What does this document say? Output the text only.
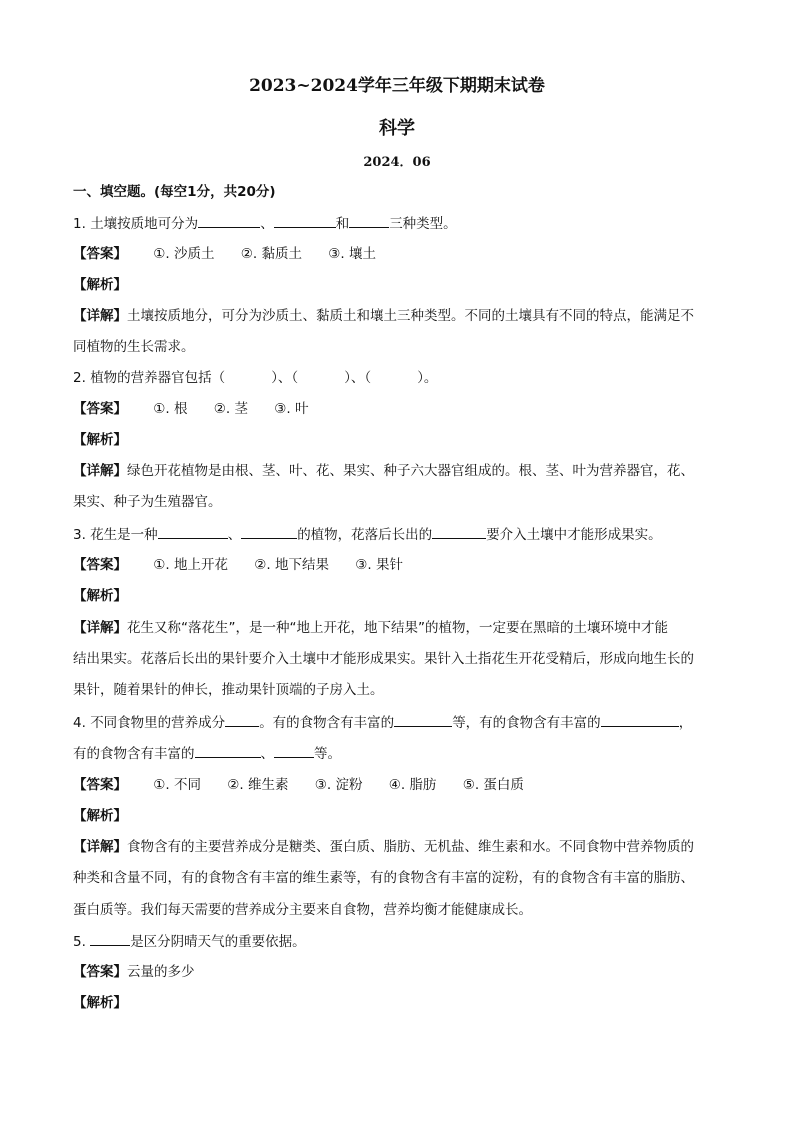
2023~2024学年三年级下期期末试卷
科学
2024．06
一、填空题。(每空1分，共20分)
1. 土壤按质地可分为	、	和	三种类型。
【答案】 ①. 沙质土 ②. 黏质土 ③. 壤土
【解析】
【详解】土壤按质地分，可分为沙质土、黏质土和壤土三种类型。不同的土壤具有不同的特点，能满足不
同植物的生长需求。
2. 植物的营养器官包括（	）、（	）、（	）。
【答案】 ①. 根 ②. 茎 ③. 叶
【解析】
【详解】绿色开花植物是由根、茎、叶、花、果实、种子六大器官组成的。根、茎、叶为营养器官，花、
果实、种子为生殖器官。
3. 花生是一种	、	的植物，花落后长出的	要介入土壤中才能形成果实。
【答案】 ①. 地上开花 ②. 地下结果 ③. 果针
【解析】
【详解】花生又称“落花生”，是一种“地上开花，地下结果”的植物，一定要在黑暗的土壤环境中才能
结出果实。花落后长出的果针要介入土壤中才能形成果实。果针入土指花生开花受精后，形成向地生长的
果针，随着果针的伸长，推动果针顶端的子房入土。
4. 不同食物里的营养成分	。有的食物含有丰富的	等，有的食物含有丰富的	，
有的食物含有丰富的	、	等。
【答案】 ①. 不同 ②. 维生素 ③. 淀粉 ④. 脂肪 ⑤. 蛋白质
【解析】
【详解】食物含有的主要营养成分是糖类、蛋白质、脂肪、无机盐、维生素和水。不同食物中营养物质的
种类和含量不同，有的食物含有丰富的维生素等，有的食物含有丰富的淀粉，有的食物含有丰富的脂肪、
蛋白质等。我们每天需要的营养成分主要来自食物，营养均衡才能健康成长。
5.	是区分阴晴天气的重要依据。
【答案】云量的多少
【解析】
